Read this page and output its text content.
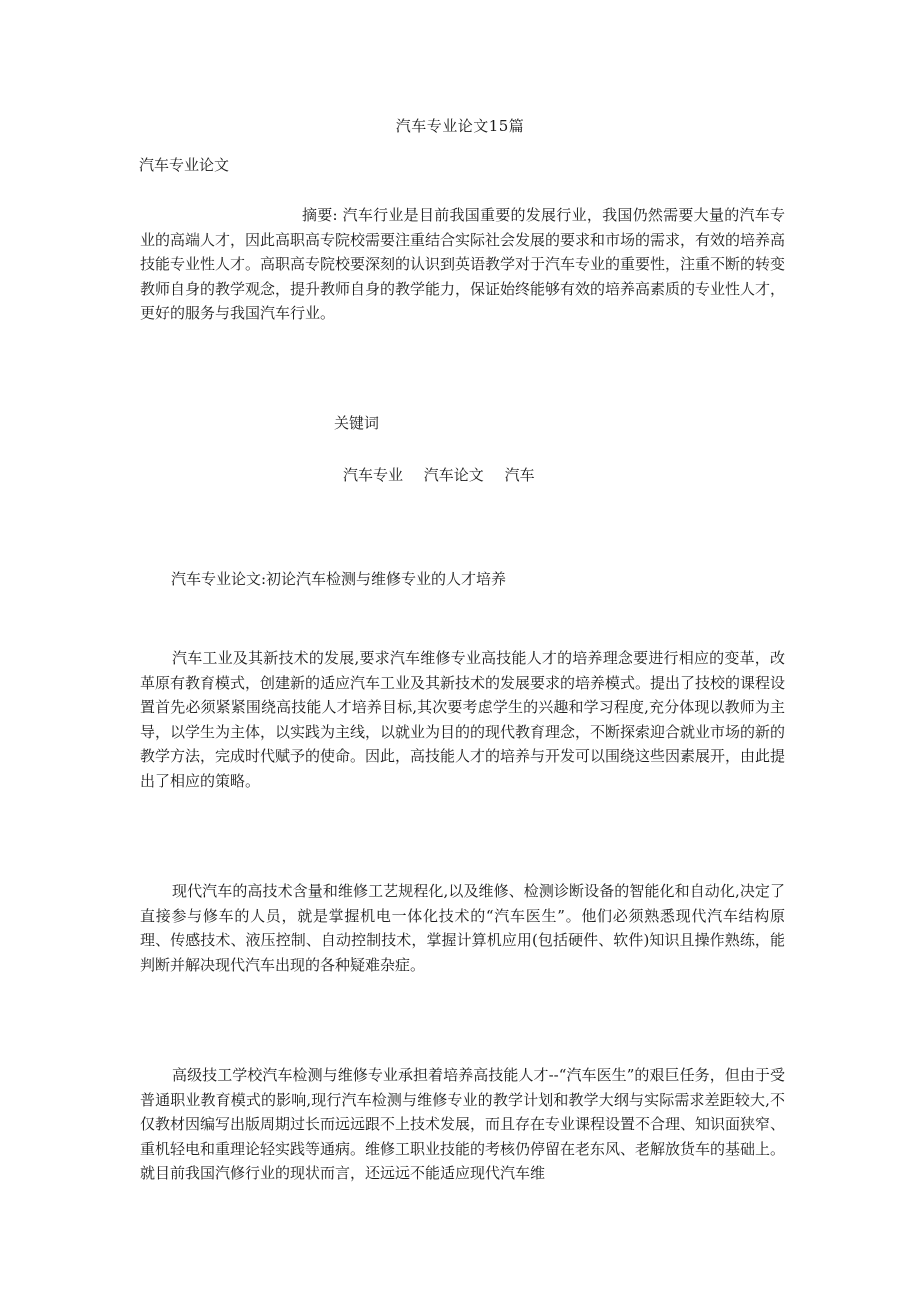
汽车专业论文15篇
汽车专业论文

摘要: 汽车行业是目前我国重要的发展行业，我国仍然需要大量的汽车专业的高端人才，因此高职高专院校需要注重结合实际社会发展的要求和市场的需求，有效的培养高技能专业性人才。高职高专院校要深刻的认识到英语教学对于汽车专业的重要性，注重不断的转变教师自身的教学观念，提升教师自身的教学能力，保证始终能够有效的培养高素质的专业性人才，更好的服务与我国汽车行业。

关键词
汽车专业 汽车论文 汽车
汽车专业论文:初论汽车检测与维修专业的人才培养

汽车工业及其新技术的发展,要求汽车维修专业高技能人才的培养理念要进行相应的变革，改革原有教育模式，创建新的适应汽车工业及其新技术的发展要求的培养模式。提出了技校的课程设置首先必须紧紧围绕高技能人才培养目标,其次要考虑学生的兴趣和学习程度,充分体现以教师为主导，以学生为主体，以实践为主线，以就业为目的的现代教育理念，不断探索迎合就业市场的新的教学方法，完成时代赋予的使命。因此，高技能人才的培养与开发可以围绕这些因素展开，由此提出了相应的策略。

现代汽车的高技术含量和维修工艺规程化,以及维修、检测诊断设备的智能化和自动化,决定了直接参与修车的人员，就是掌握机电一体化技术的“汽车医生”。他们必须熟悉现代汽车结构原理、传感技术、液压控制、自动控制技术，掌握计算机应用(包括硬件、软件)知识且操作熟练，能判断并解决现代汽车出现的各种疑难杂症。

高级技工学校汽车检测与维修专业承担着培养高技能人才--“汽车医生”的艰巨任务，但由于受普通职业教育模式的影响,现行汽车检测与维修专业的教学计划和教学大纲与实际需求差距较大,不仅教材因编写出版周期过长而远远跟不上技术发展，而且存在专业课程设置不合理、知识面狭窄、重机轻电和重理论轻实践等通病。维修工职业技能的考核仍停留在老东风、老解放货车的基础上。就目前我国汽修行业的现状而言，还远远不能适应现代汽车维
